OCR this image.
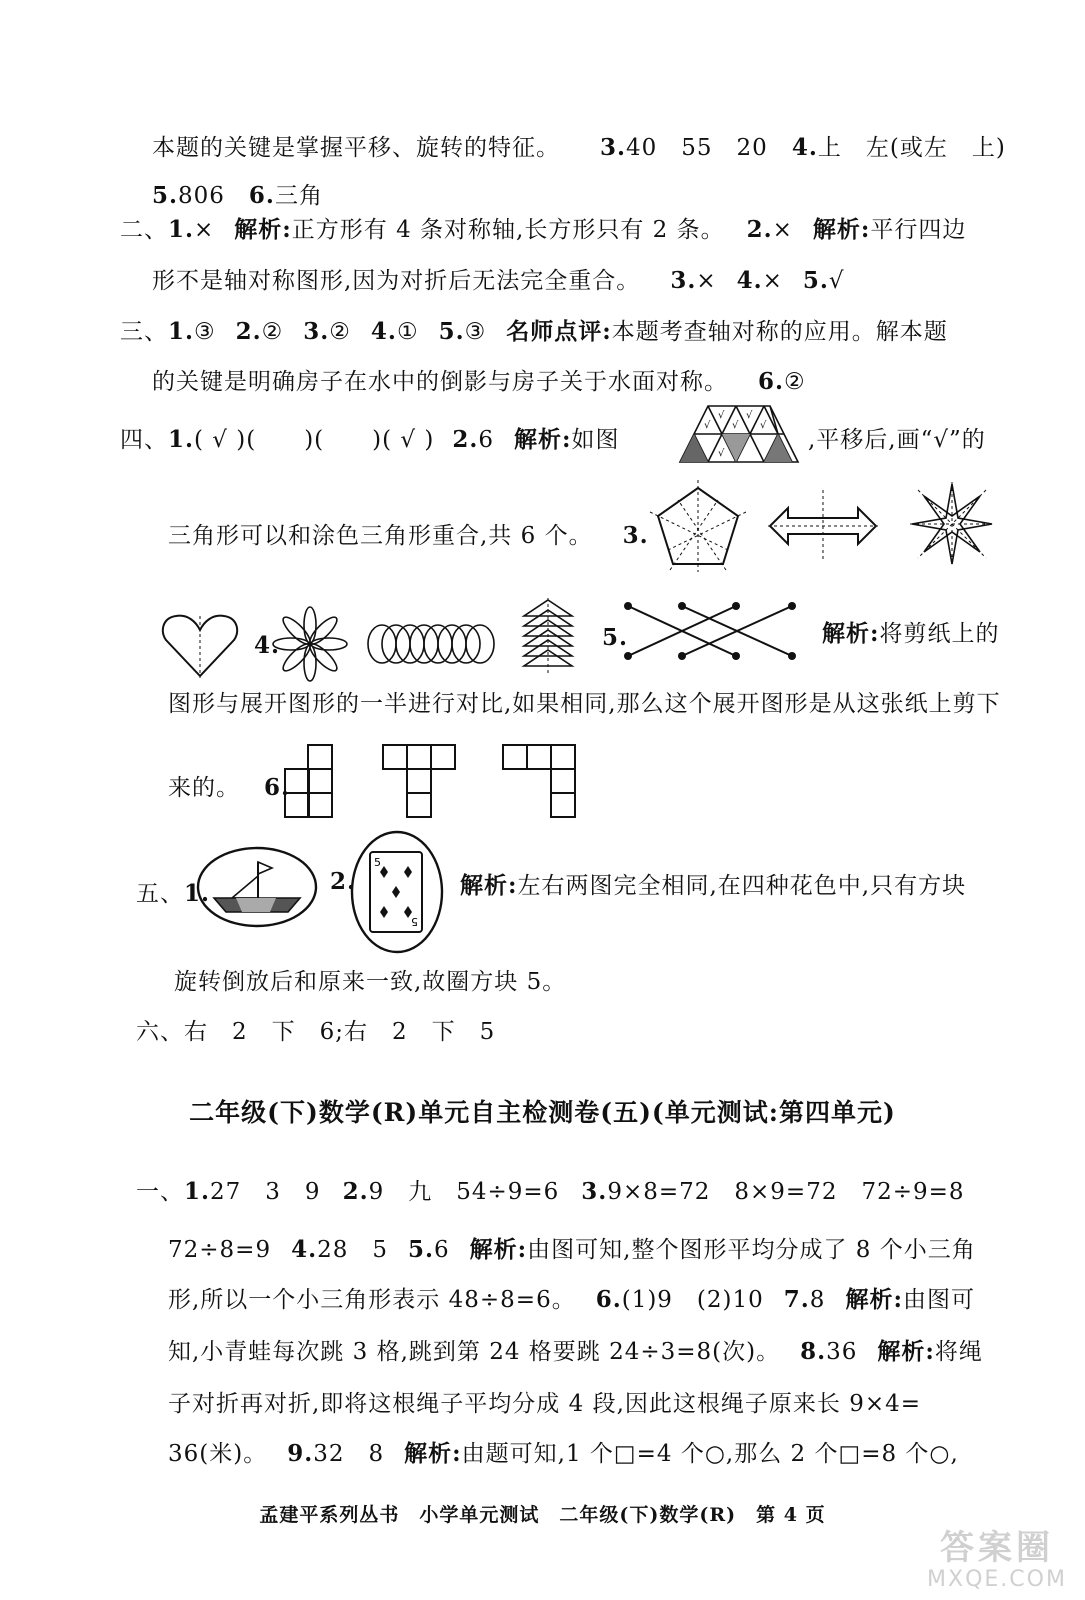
本题的关键是掌握平移、旋转的特征。 3.40　55　20 4.上　左(或左　上)
5.806 6.三角
二、1.× 解析:正方形有 4 条对称轴,长方形只有 2 条。 2.× 解析:平行四边
形不是轴对称图形,因为对折后无法完全重合。 3.× 4.× 5.√
三、1.③ 2.② 3.② 4.① 5.③ 名师点评:本题考查轴对称的应用。解本题
的关键是明确房子在水中的倒影与房子关于水面对称。 6.②
四、1.( √ )(　　)(　　)( √ ) 2.6 解析:如图	,平移后,画“√”的
√
√
√
√
√
√
三角形可以和涂色三角形重合,共 6 个。 3.
4.	5.	解析:将剪纸上的
图形与展开图形的一半进行对比,如果相同,那么这个展开图形是从这张纸上剪下
来的。 6.
五、1.	2.
5
5
解析:左右两图完全相同,在四种花色中,只有方块
旋转倒放后和原来一致,故圈方块 5。
六、右　2　下　6;右　2　下　5
二年级(下)数学(R)单元自主检测卷(五)(单元测试:第四单元)
一、1.27　3　9 2.9　九　54÷9=6 3.9×8=72　8×9=72　72÷9=8
72÷8=9 4.28　5 5.6 解析:由图可知,整个图形平均分成了 8 个小三角
形,所以一个小三角形表示 48÷8=6。 6.(1)9　(2)10 7.8 解析:由图可
知,小青蛙每次跳 3 格,跳到第 24 格要跳 24÷3=8(次)。 8.36 解析:将绳
子对折再对折,即将这根绳子平均分成 4 段,因此这根绳子原来长 9×4=
36(米)。 9.32　8 解析:由题可知,1 个□=4 个○,那么 2 个□=8 个○,
孟建平系列丛书　小学单元测试　二年级(下)数学(R)　第 4 页
答案圈
MXQE.COM
